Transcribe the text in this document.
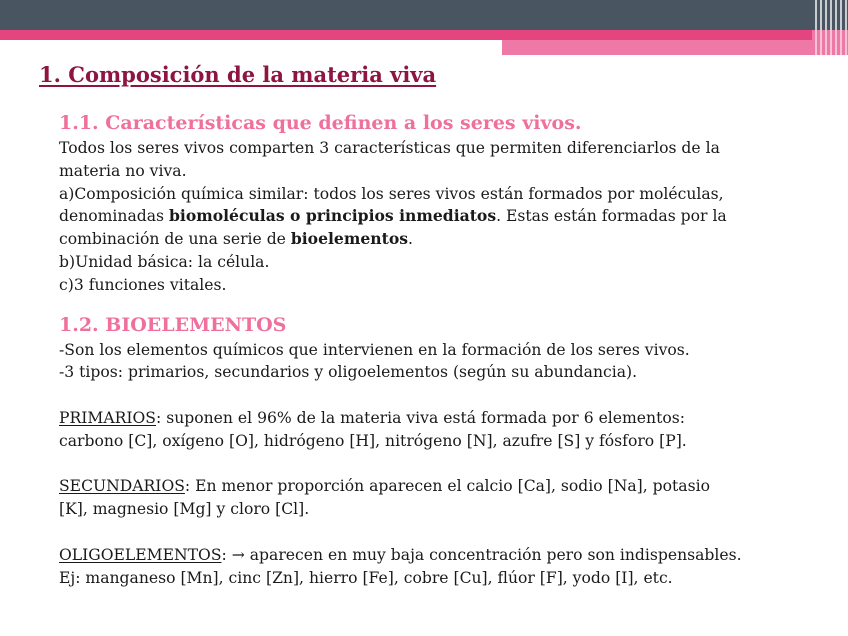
1. Composición de la materia viva
1.1. Características que definen a los seres vivos.
Todos los seres vivos comparten 3 características que permiten diferenciarlos de la
materia no viva.
a)Composición química similar: todos los seres vivos están formados por moléculas,
denominadas biomoléculas o principios inmediatos. Estas están formadas por la
combinación de una serie de bioelementos.
b)Unidad básica: la célula.
c)3 funciones vitales.
1.2. BIOELEMENTOS
-Son los elementos químicos que intervienen en la formación de los seres vivos.
-3 tipos: primarios, secundarios y oligoelementos (según su abundancia).
PRIMARIOS: suponen el 96% de la materia viva está formada por 6 elementos:
carbono [C], oxígeno [O], hidrógeno [H], nitrógeno [N], azufre [S] y fósforo [P].
SECUNDARIOS: En menor proporción aparecen el calcio [Ca], sodio [Na], potasio
[K], magnesio [Mg] y cloro [Cl].
OLIGOELEMENTOS: → aparecen en muy baja concentración pero son indispensables.
Ej: manganeso [Mn], cinc [Zn], hierro [Fe], cobre [Cu], flúor [F], yodo [I], etc.
